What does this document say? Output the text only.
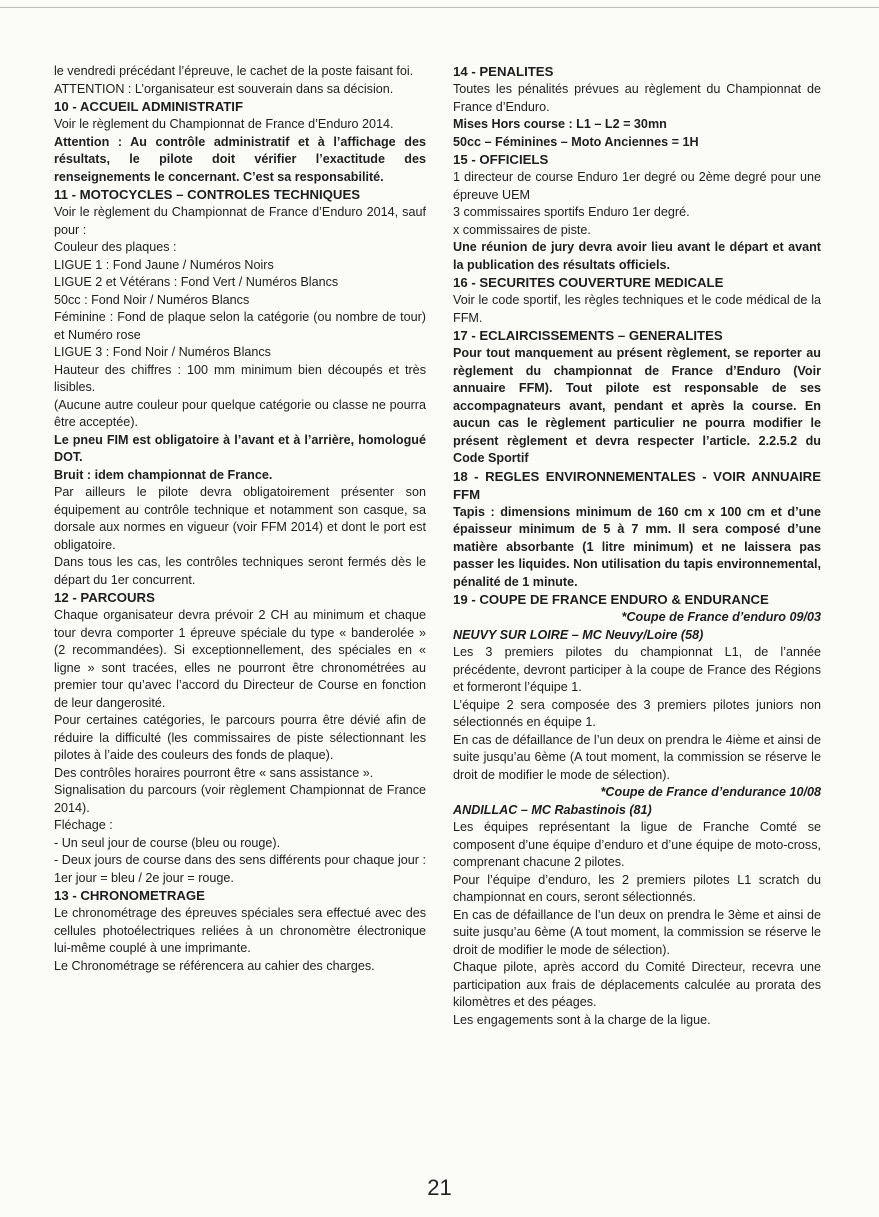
le vendredi précédant l’épreuve, le cachet de la poste faisant foi.

ATTENTION : L’organisateur est souverain dans sa décision.

10 - ACCUEIL ADMINISTRATIF

Voir le règlement du Championnat de France d’Enduro 2014.

Attention : Au contrôle administratif et à l’affichage des résultats, le pilote doit vérifier l’exactitude des renseignements le concernant. C’est sa responsabilité.

11 - MOTOCYCLES – CONTROLES TECHNIQUES

Voir le règlement du Championnat de France d’Enduro 2014, sauf pour :

Couleur des plaques :

LIGUE 1 : Fond Jaune / Numéros Noirs

LIGUE 2 et Vétérans : Fond Vert / Numéros Blancs

50cc : Fond Noir / Numéros Blancs

Féminine : Fond de plaque selon la catégorie (ou nombre de tour) et Numéro rose

LIGUE 3 : Fond Noir / Numéros Blancs

Hauteur des chiffres : 100 mm minimum bien découpés et très lisibles.

(Aucune autre couleur pour quelque catégorie ou classe ne pourra être acceptée).

Le pneu FIM est obligatoire à l’avant et à l’arrière, homologué DOT.

Bruit : idem championnat de France.

Par ailleurs le pilote devra obligatoirement présenter son équipement au contrôle technique et notamment son casque, sa dorsale aux normes en vigueur (voir FFM 2014) et dont le port est obligatoire.

Dans tous les cas, les contrôles techniques seront fermés dès le départ du 1er concurrent.

12 - PARCOURS

Chaque organisateur devra prévoir 2 CH au minimum et chaque tour devra comporter 1 épreuve spéciale du type « banderolée » (2 recommandées). Si exceptionnellement, des spéciales en « ligne » sont tracées, elles ne pourront être chronométrées au premier tour qu’avec l’accord du Directeur de Course en fonction de leur dangerosité.

Pour certaines catégories, le parcours pourra être dévié afin de réduire la difficulté (les commissaires de piste sélectionnant les pilotes à l’aide des couleurs des fonds de plaque).

Des contrôles horaires pourront être « sans assistance ».

Signalisation du parcours (voir règlement Championnat de France 2014).

Fléchage :

- Un seul jour de course (bleu ou rouge).

- Deux jours de course dans des sens différents pour chaque jour : 1er jour = bleu / 2e jour = rouge.

13 - CHRONOMETRAGE

Le chronométrage des épreuves spéciales sera effectué avec des cellules photoélectriques reliées à un chronomètre électronique lui-même couplé à une imprimante.

Le Chronométrage se référencera au cahier des charges.

14 - PENALITES

Toutes les pénalités prévues au règlement du Championnat de France d’Enduro.

Mises Hors course : L1 – L2 = 30mn

50cc – Féminines – Moto Anciennes = 1H

15 - OFFICIELS

1 directeur de course Enduro 1er degré ou 2ème degré pour une épreuve UEM

3 commissaires sportifs Enduro 1er degré.

x commissaires de piste.

Une réunion de jury devra avoir lieu avant le départ et avant la publication des résultats officiels.

16 - SECURITES COUVERTURE MEDICALE

Voir le code sportif, les règles techniques et le code médical de la FFM.

17 - ECLAIRCISSEMENTS – GENERALITES

Pour tout manquement au présent règlement, se reporter au règlement du championnat de France d’Enduro (Voir annuaire FFM). Tout pilote est responsable de ses accompagnateurs avant, pendant et après la course. En aucun cas le règlement particulier ne pourra modifier le présent règlement et devra respecter l’article. 2.2.5.2 du Code Sportif

18 - REGLES ENVIRONNEMENTALES - VOIR ANNUAIRE FFM

Tapis : dimensions minimum de 160 cm x 100 cm et d’une épaisseur minimum de 5 à 7 mm. Il sera composé d’une matière absorbante (1 litre minimum) et ne laissera pas passer les liquides. Non utilisation du tapis environnemental, pénalité de 1 minute.

19 - COUPE DE FRANCE ENDURO & ENDURANCE

*Coupe de France d’enduro 09/03

NEUVY SUR LOIRE – MC Neuvy/Loire (58)

Les 3 premiers pilotes du championnat L1, de l’année précédente, devront participer à la coupe de France des Régions et formeront l’équipe 1.

L’équipe 2 sera composée des 3 premiers pilotes juniors non sélectionnés en équipe 1.

En cas de défaillance de l’un deux on prendra le 4ième et ainsi de suite jusqu’au 6ème (A tout moment, la commission se réserve le droit de modifier le mode de sélection).

*Coupe de France d’endurance 10/08

ANDILLAC – MC Rabastinois (81)

Les équipes représentant la ligue de Franche Comté se composent d’une équipe d’enduro et d’une équipe de moto-cross, comprenant chacune 2 pilotes.

Pour l’équipe d’enduro, les 2 premiers pilotes L1 scratch du championnat en cours, seront sélectionnés.

En cas de défaillance de l’un deux on prendra le 3ème et ainsi de suite jusqu’au 6ème (A tout moment, la commission se réserve le droit de modifier le mode de sélection).

Chaque pilote, après accord du Comité Directeur, recevra une participation aux frais de déplacements calculée au prorata des kilomètres et des péages.

Les engagements sont à la charge de la ligue.

21
